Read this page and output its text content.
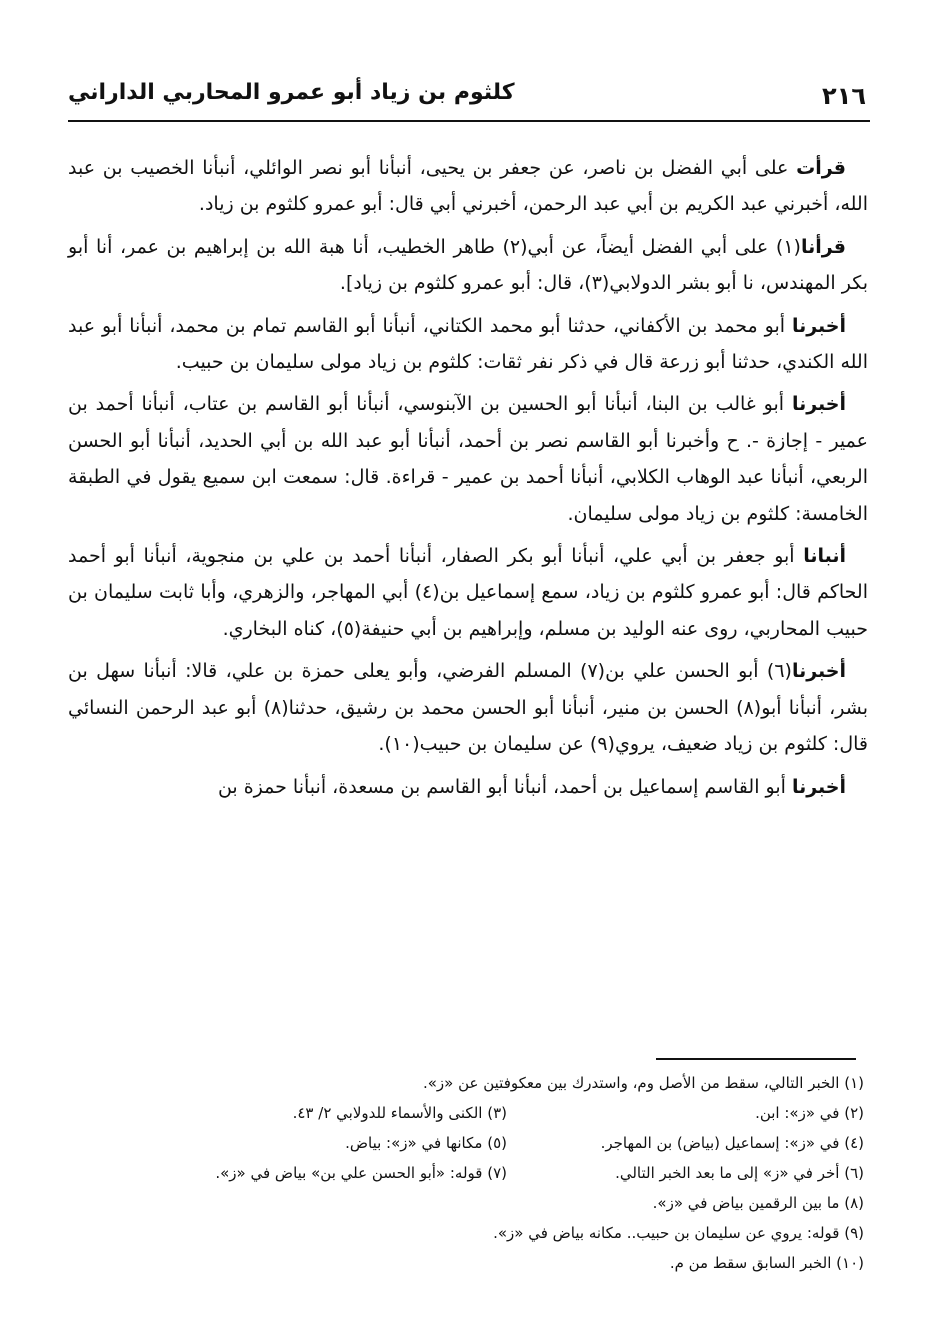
٢١٦
كلثوم بن زياد أبو عمرو المحاربي الداراني

قرأت على أبي الفضل بن ناصر، عن جعفر بن يحيى، أنبأنا أبو نصر الوائلي، أنبأنا الخصيب بن عبد الله، أخبرني عبد الكريم بن أبي عبد الرحمن، أخبرني أبي قال: أبو عمرو كلثوم بن زياد.

قرأنا(١) على أبي الفضل أيضاً، عن أبي(٢) طاهر الخطيب، أنا هبة الله بن إبراهيم بن عمر، أنا أبو بكر المهندس، نا أبو بشر الدولابي(٣)، قال: أبو عمرو كلثوم بن زياد].

أخبرنا أبو محمد بن الأكفاني، حدثنا أبو محمد الكتاني، أنبأنا أبو القاسم تمام بن محمد، أنبأنا أبو عبد الله الكندي، حدثنا أبو زرعة قال في ذكر نفر ثقات: كلثوم بن زياد مولى سليمان بن حبيب.

أخبرنا أبو غالب بن البنا، أنبأنا أبو الحسين بن الآبنوسي، أنبأنا أبو القاسم بن عتاب، أنبأنا أحمد بن عمير - إجازة -. ح وأخبرنا أبو القاسم نصر بن أحمد، أنبأنا أبو عبد الله بن أبي الحديد، أنبأنا أبو الحسن الربعي، أنبأنا عبد الوهاب الكلابي، أنبأنا أحمد بن عمير - قراءة. قال: سمعت ابن سميع يقول في الطبقة الخامسة: كلثوم بن زياد مولى سليمان.

أنبانا أبو جعفر بن أبي علي، أنبأنا أبو بكر الصفار، أنبأنا أحمد بن علي بن منجوية، أنبأنا أبو أحمد الحاكم قال: أبو عمرو كلثوم بن زياد، سمع إسماعيل بن(٤) أبي المهاجر، والزهري، وأبا ثابت سليمان بن حبيب المحاربي، روى عنه الوليد بن مسلم، وإبراهيم بن أبي حنيفة(٥)، كناه البخاري.

أخبرنا(٦) أبو الحسن علي بن(٧) المسلم الفرضي، وأبو يعلى حمزة بن علي، قالا: أنبأنا سهل بن بشر، أنبأنا أبو(٨) الحسن بن منير، أنبأنا أبو الحسن محمد بن رشيق، حدثنا(٨) أبو عبد الرحمن النسائي قال: كلثوم بن زياد ضعيف، يروي(٩) عن سليمان بن حبيب(١٠).

أخبرنا أبو القاسم إسماعيل بن أحمد، أنبأنا أبو القاسم بن مسعدة، أنبأنا حمزة بن

(١) الخبر التالي، سقط من الأصل وم، واستدرك بين معكوفتين عن «ز».
(٢) في «ز»: ابن.
(٣) الكنى والأسماء للدولابي ٢/ ٤٣.
(٤) في «ز»: إسماعيل (بياض) بن المهاجر.
(٥) مكانها في «ز»: بياض.
(٦) أخر في «ز» إلى ما بعد الخبر التالي.
(٧) قوله: «أبو الحسن علي بن» بياض في «ز».
(٨) ما بين الرقمين بياض في «ز».
(٩) قوله: يروي عن سليمان بن حبيب.. مكانه بياض في «ز».
(١٠) الخبر السابق سقط من م.
